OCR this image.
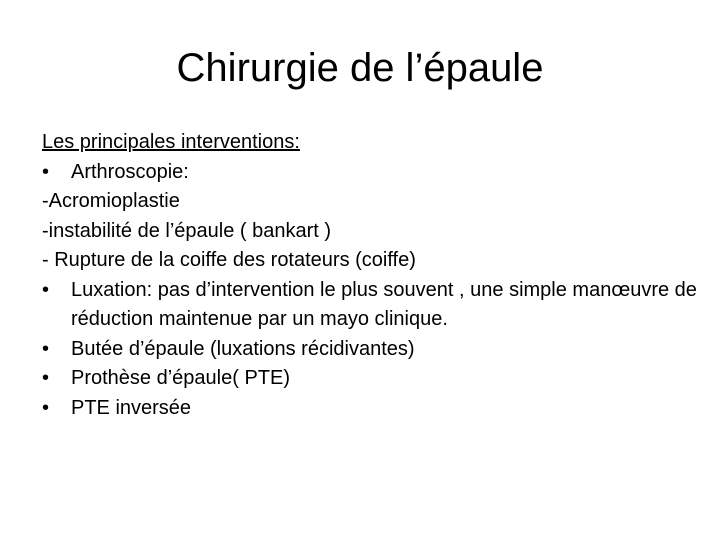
Chirurgie de l’épaule
Les principales interventions:
•	Arthroscopie:
-Acromioplastie
-instabilité de l’épaule ( bankart )
- Rupture de la coiffe des rotateurs (coiffe)
•	Luxation: pas d’intervention le plus souvent , une simple manœuvre de réduction maintenue par un mayo clinique.
•	Butée d’épaule (luxations récidivantes)
•	Prothèse d’épaule( PTE)
•	PTE inversée
